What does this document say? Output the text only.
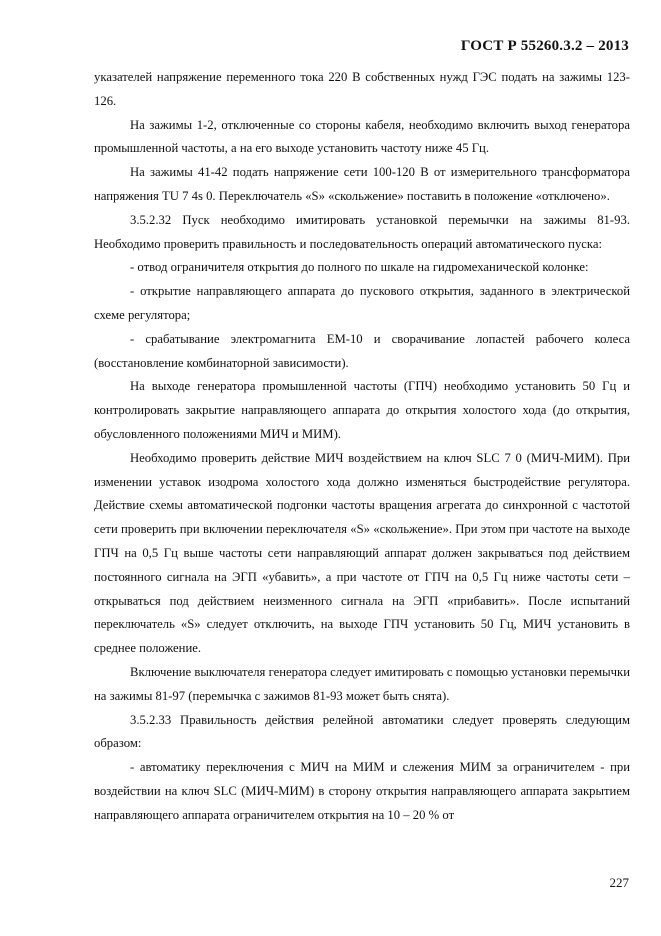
ГОСТ Р 55260.3.2 – 2013

указателей напряжение переменного тока 220 В собственных нужд ГЭС подать на зажимы 123-126.

На зажимы 1-2, отключенные со стороны кабеля, необходимо включить выход генератора промышленной частоты, а на его выходе установить частоту ниже 45 Гц.

На зажимы 41-42 подать напряжение сети 100-120 В от измерительного трансформатора напряжения TU 7 4s 0. Переключатель «S» «скольжение» поставить в положение «отключено».

3.5.2.32 Пуск необходимо имитировать установкой перемычки на зажимы 81-93. Необходимо проверить правильность и последовательность операций автоматического пуска:

- отвод ограничителя открытия до полного по шкале на гидромеханической колонке:

- открытие направляющего аппарата до пускового открытия, заданного в электрической схеме регулятора;

- срабатывание электромагнита ЕМ-10 и сворачивание лопастей рабочего колеса (восстановление комбинаторной зависимости).

На выходе генератора промышленной частоты (ГПЧ) необходимо установить 50 Гц и контролировать закрытие направляющего аппарата до открытия холостого хода (до открытия, обусловленного положениями МИЧ и МИМ).

Необходимо проверить действие МИЧ воздействием на ключ SLC 7 0 (МИЧ-МИМ). При изменении уставок изодрома холостого хода должно изменяться быстродействие регулятора. Действие схемы автоматической подгонки частоты вращения агрегата до синхронной с частотой сети проверить при включении переключателя «S» «скольжение». При этом при частоте на выходе ГПЧ на 0,5 Гц выше частоты сети направляющий аппарат должен закрываться под действием постоянного сигнала на ЭГП «убавить», а при частоте от ГПЧ на 0,5 Гц ниже частоты сети – открываться под действием неизменного сигнала на ЭГП «прибавить». После испытаний переключатель «S» следует отключить, на выходе ГПЧ установить 50 Гц, МИЧ установить в среднее положение.

Включение выключателя генератора следует имитировать с помощью установки перемычки на зажимы 81-97 (перемычка с зажимов 81-93 может быть снята).

3.5.2.33 Правильность действия релейной автоматики следует проверять следующим образом:

- автоматику переключения с МИЧ на МИМ и слежения МИМ за ограничителем - при воздействии на ключ SLC (МИЧ-МИМ) в сторону открытия направляющего аппарата закрытием направляющего аппарата ограничителем открытия на 10 – 20 % от

227
